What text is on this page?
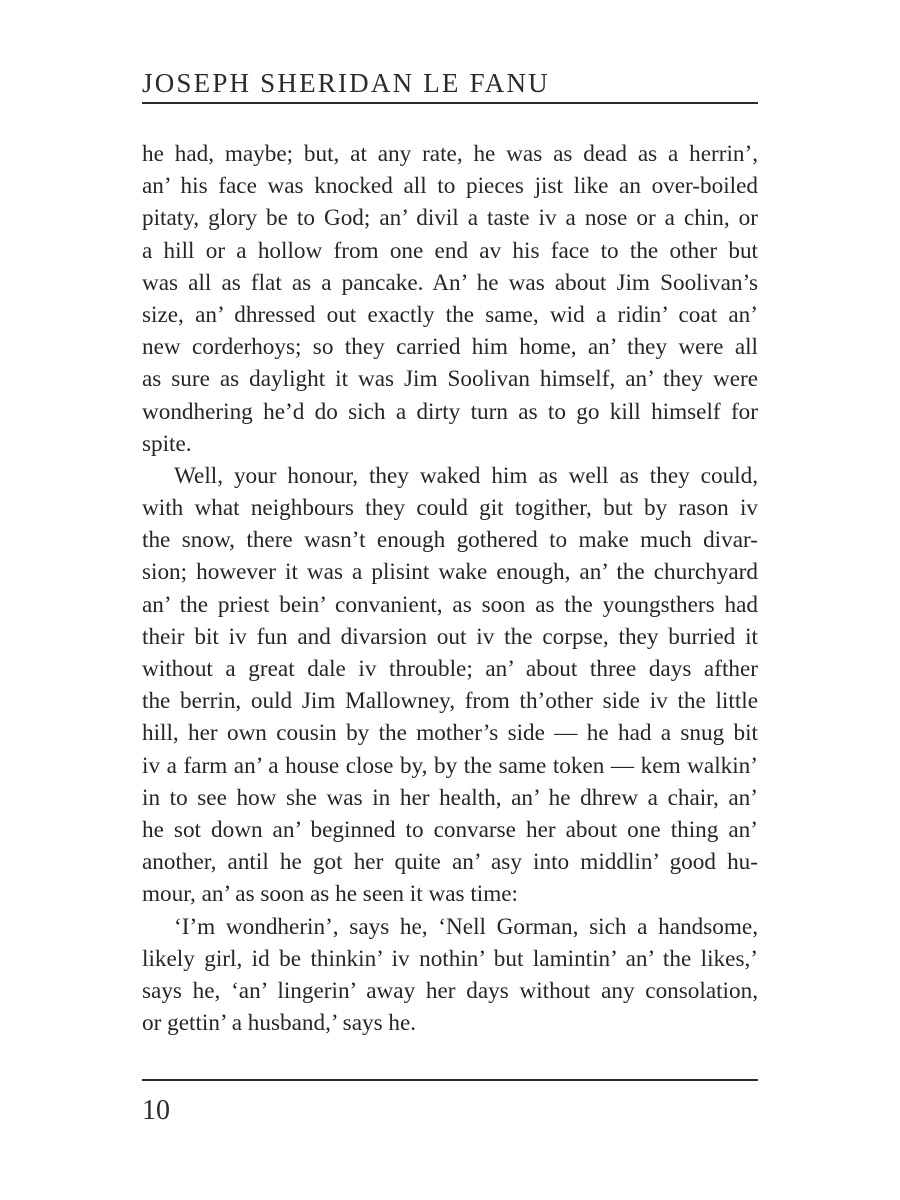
JOSEPH SHERIDAN LE FANU
he had, maybe; but, at any rate, he was as dead as a herrin’,
an’ his face was knocked all to pieces jist like an over-boiled
pitaty, glory be to God; an’ divil a taste iv a nose or a chin, or
a hill or a hollow from one end av his face to the other but
was all as flat as a pancake. An’ he was about Jim Soolivan’s
size, an’ dhressed out exactly the same, wid a ridin’ coat an’
new corderhoys; so they carried him home, an’ they were all
as sure as daylight it was Jim Soolivan himself, an’ they were
wondhering he’d do sich a dirty turn as to go kill himself for
spite.
Well, your honour, they waked him as well as they could,
with what neighbours they could git togither, but by rason iv
the snow, there wasn’t enough gothered to make much divar-
sion; however it was a plisint wake enough, an’ the churchyard
an’ the priest bein’ convanient, as soon as the youngsthers had
their bit iv fun and divarsion out iv the corpse, they burried it
without a great dale iv throuble; an’ about three days afther
the berrin, ould Jim Mallowney, from th’other side iv the little
hill, her own cousin by the mother’s side — he had a snug bit
iv a farm an’ a house close by, by the same token — kem walkin’
in to see how she was in her health, an’ he dhrew a chair, an’
he sot down an’ beginned to convarse her about one thing an’
another, antil he got her quite an’ asy into middlin’ good hu-
mour, an’ as soon as he seen it was time:
‘I’m wondherin’, says he, ‘Nell Gorman, sich a handsome,
likely girl, id be thinkin’ iv nothin’ but lamintin’ an’ the likes,’
says he, ‘an’ lingerin’ away her days without any consolation,
or gettin’ a husband,’ says he.
10
